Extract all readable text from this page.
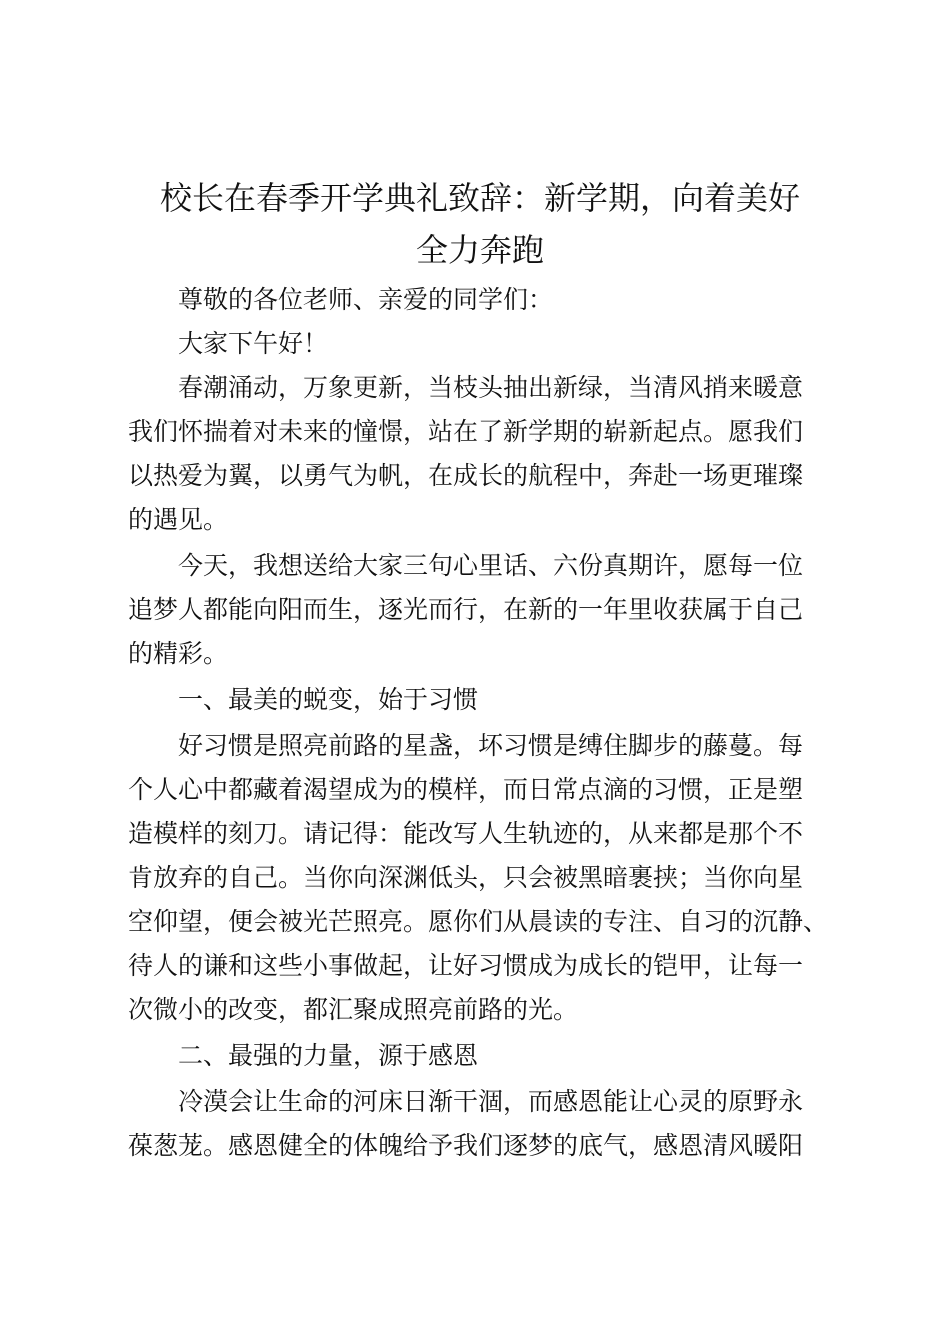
校长在春季开学典礼致辞：新学期，向着美好
全力奔跑

尊敬的各位老师、亲爱的同学们：

大家下午好！

春潮涌动，万象更新，当枝头抽出新绿，当清风捎来暖意

我们怀揣着对未来的憧憬，站在了新学期的崭新起点。愿我们

以热爱为翼，以勇气为帆，在成长的航程中，奔赴一场更璀璨

的遇见。

今天，我想送给大家三句心里话、六份真期许，愿每一位

追梦人都能向阳而生，逐光而行，在新的一年里收获属于自己

的精彩。

一、最美的蜕变，始于习惯

好习惯是照亮前路的星盏，坏习惯是缚住脚步的藤蔓。每

个人心中都藏着渴望成为的模样，而日常点滴的习惯，正是塑

造模样的刻刀。请记得：能改写人生轨迹的，从来都是那个不

肯放弃的自己。当你向深渊低头，只会被黑暗裹挟；当你向星

空仰望，便会被光芒照亮。愿你们从晨读的专注、自习的沉静、

待人的谦和这些小事做起，让好习惯成为成长的铠甲，让每一

次微小的改变，都汇聚成照亮前路的光。

二、最强的力量，源于感恩

冷漠会让生命的河床日渐干涸，而感恩能让心灵的原野永

葆葱茏。感恩健全的体魄给予我们逐梦的底气，感恩清风暖阳
